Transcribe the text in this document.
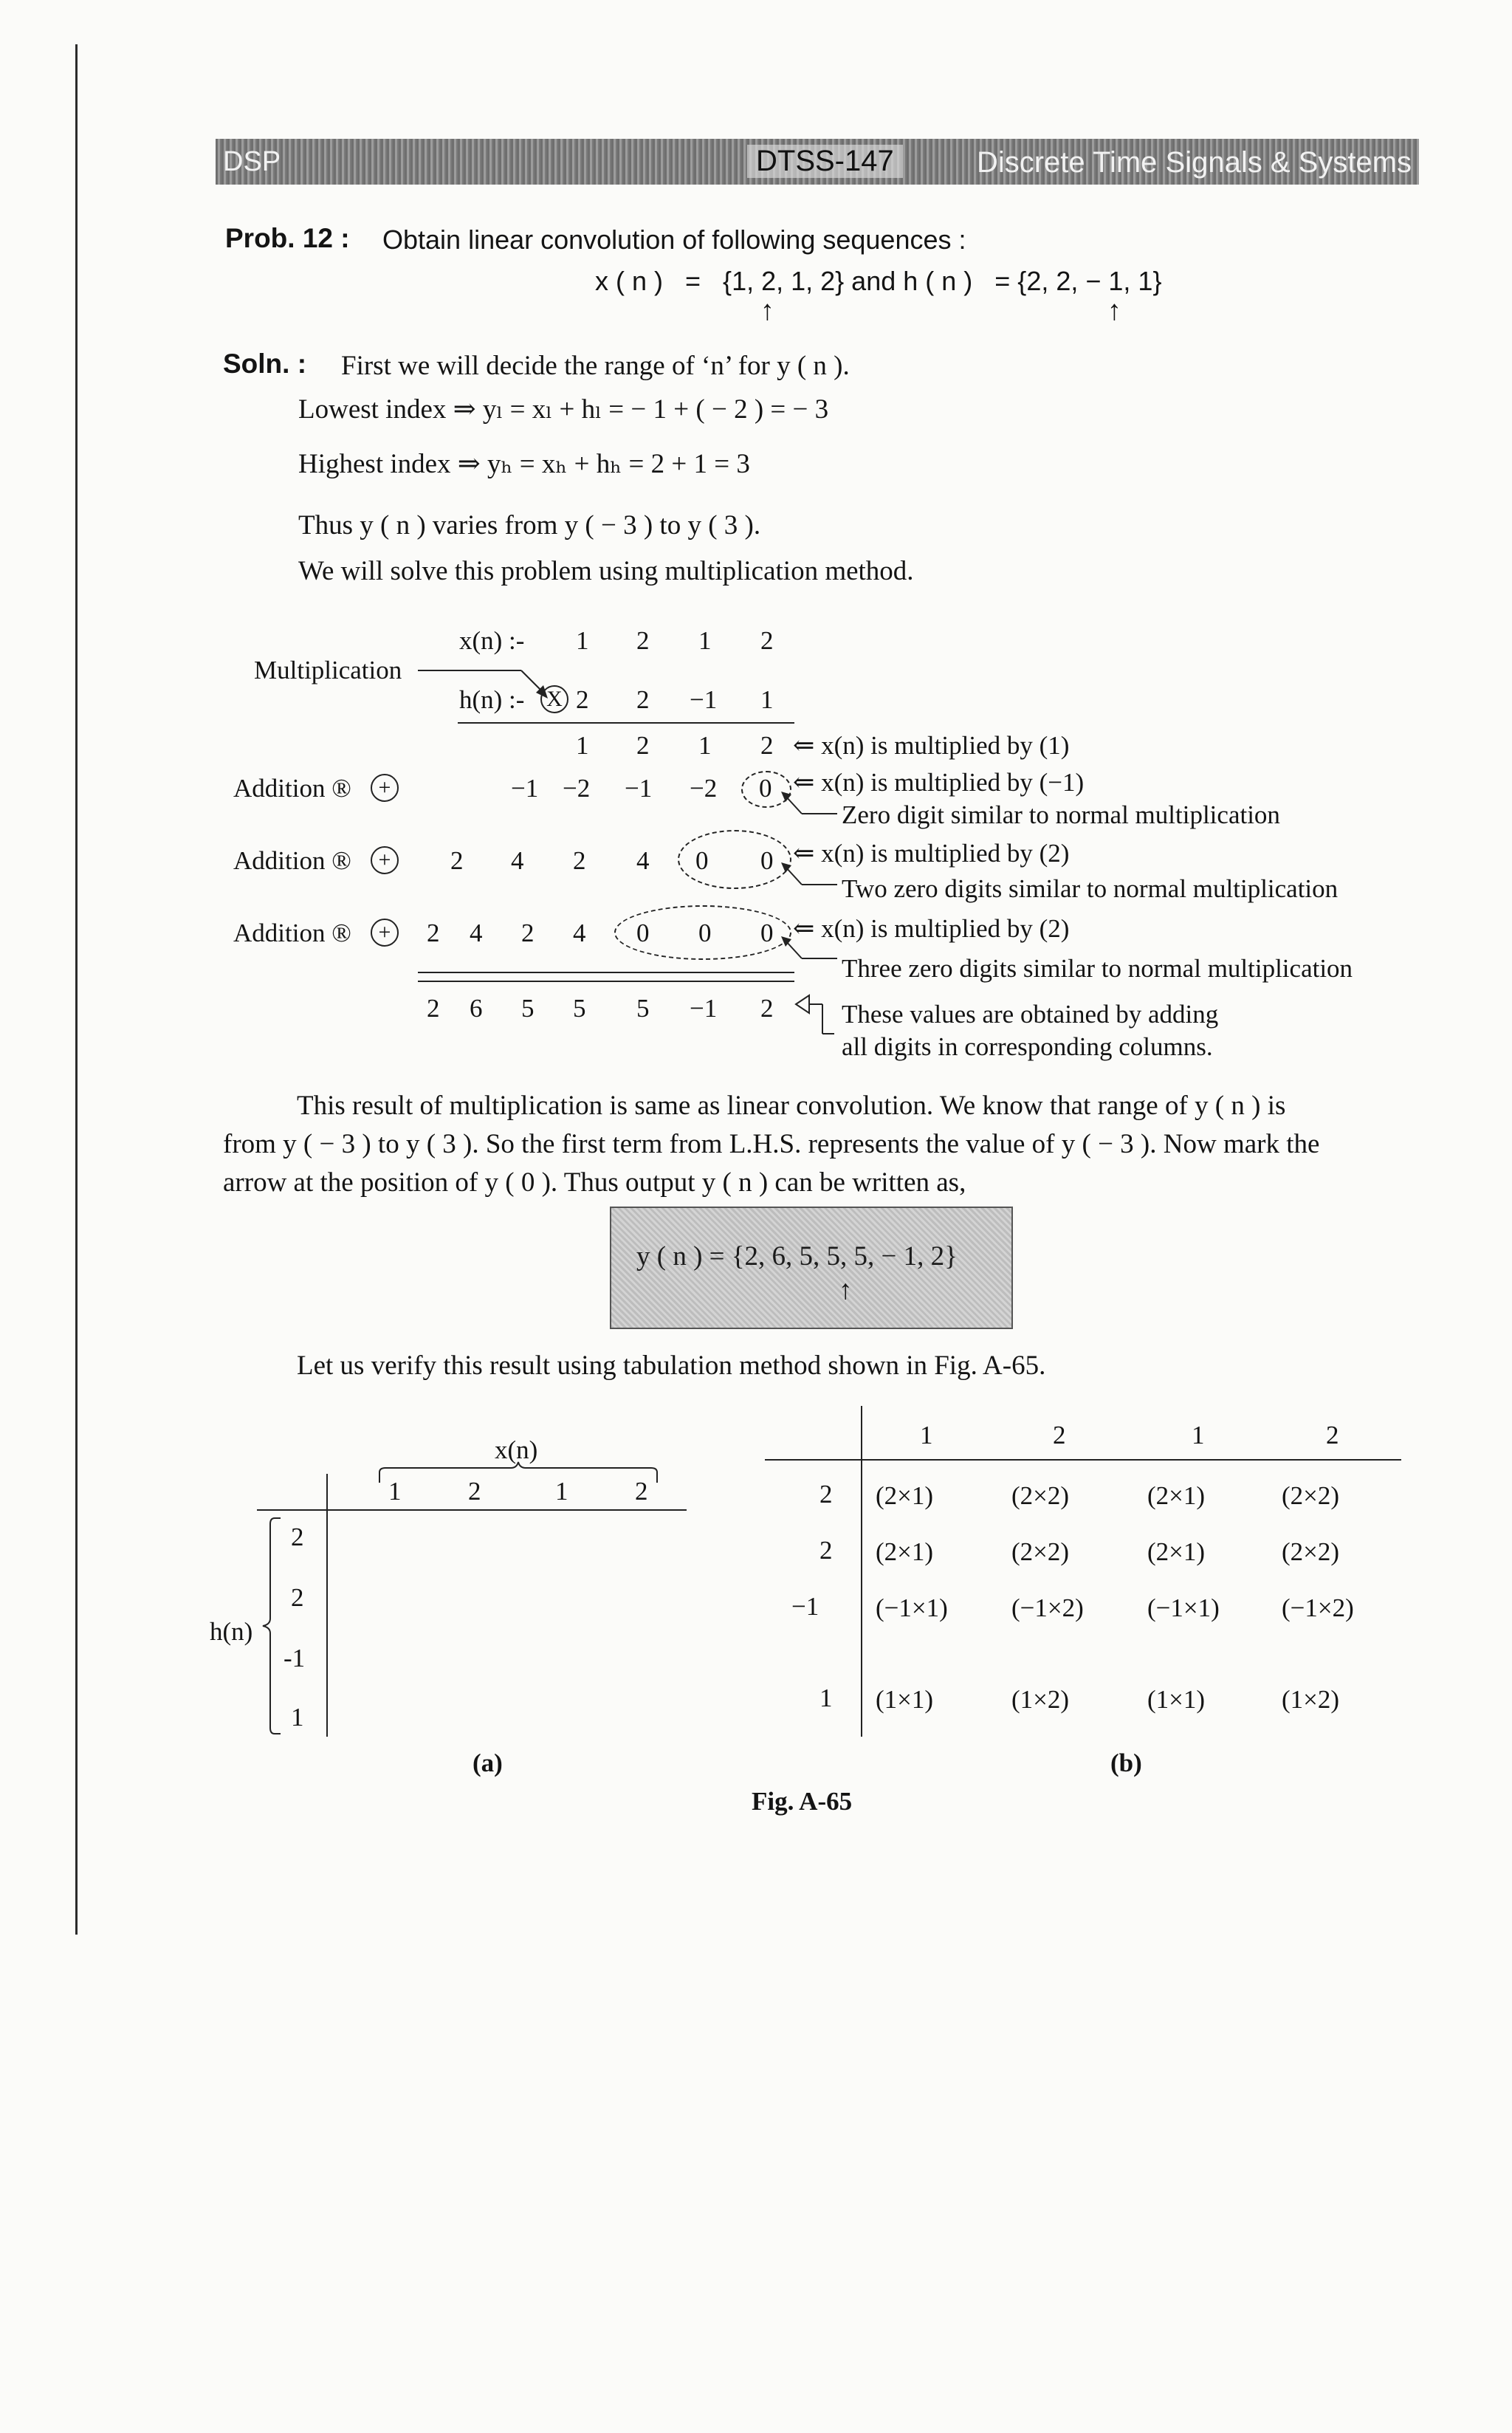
DSP	DTSS-147	Discrete Time Signals & Systems
Prob. 12 : Obtain linear convolution of following sequences :
x ( n )   =   {1, 2, 1, 2} and h ( n )   = {2, 2, − 1, 1}
↑	↑
Soln. : First we will decide the range of ‘n’ for y ( n ).
Lowest index ⇒ yₗ = xₗ + hₗ = − 1 + ( − 2 ) = − 3
Highest index ⇒ yₕ = xₕ + hₕ = 2 + 1 = 3
Thus y ( n ) varies from y ( − 3 ) to y ( 3 ).
We will solve this problem using multiplication method.
x(n) :- 1 2 1 2
Multiplication
h(n) :- X 2 2 −1 1
1 2 1 2 ⇐ x(n) is multiplied by (1)
Addition ®	+	−1 −2 −1 −2 0 ⇐ x(n) is multiplied by (−1)
Zero digit similar to normal multiplication
Addition ®	+	2 4 2 4 0 0 ⇐ x(n) is multiplied by (2)
Two zero digits similar to normal multiplication
Addition ®	+	2 4 2 4 0 0 0 ⇐ x(n) is multiplied by (2)
Three zero digits similar to normal multiplication
2 6 5 5 5 −1 2	These values are obtained by adding
all digits in corresponding columns.
This result of multiplication is same as linear convolution. We know that range of y ( n ) is
from y ( − 3 ) to y ( 3 ). So the first term from L.H.S. represents the value of y ( − 3 ). Now mark the
arrow at the position of y ( 0 ). Thus output y ( n ) can be written as,
y ( n ) = {2, 6, 5, 5, 5, − 1, 2}
↑
Let us verify this result using tabulation method shown in Fig. A-65.
x(n)
1	2	1	2
h(n)
2
2
-1
1
(a)
1	2	1	2
2 (2×1)	(2×2)	(2×1)	(2×2)
2 (2×1)	(2×2)	(2×1)	(2×2)
−1 (−1×1) (−1×2) (−1×1) (−1×2)
1 (1×1)	(1×2)	(1×1)	(1×2)
(b)
Fig. A-65
